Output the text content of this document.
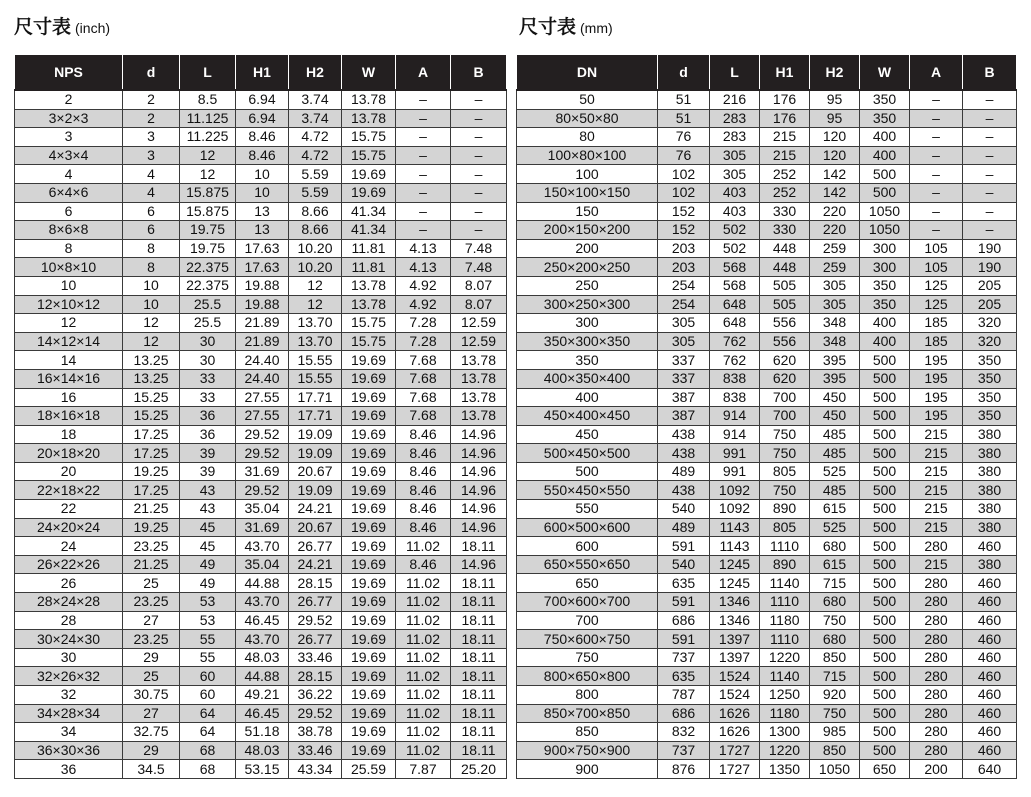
尺寸表 (inch)	尺寸表 (mm)
NPS	d	L	H1	H2	W	A	B
2	2	8.5	6.94	3.74	13.78	–	–
3×2×3	2	11.125	6.94	3.74	13.78	–	–
3	3	11.225	8.46	4.72	15.75	–	–
4×3×4	3	12	8.46	4.72	15.75	–	–
4	4	12	10	5.59	19.69	–	–
6×4×6	4	15.875	10	5.59	19.69	–	–
6	6	15.875	13	8.66	41.34	–	–
8×6×8	6	19.75	13	8.66	41.34	–	–
8	8	19.75	17.63	10.20	11.81	4.13	7.48
10×8×10	8	22.375	17.63	10.20	11.81	4.13	7.48
10	10	22.375	19.88	12	13.78	4.92	8.07
12×10×12	10	25.5	19.88	12	13.78	4.92	8.07
12	12	25.5	21.89	13.70	15.75	7.28	12.59
14×12×14	12	30	21.89	13.70	15.75	7.28	12.59
14	13.25	30	24.40	15.55	19.69	7.68	13.78
16×14×16	13.25	33	24.40	15.55	19.69	7.68	13.78
16	15.25	33	27.55	17.71	19.69	7.68	13.78
18×16×18	15.25	36	27.55	17.71	19.69	7.68	13.78
18	17.25	36	29.52	19.09	19.69	8.46	14.96
20×18×20	17.25	39	29.52	19.09	19.69	8.46	14.96
20	19.25	39	31.69	20.67	19.69	8.46	14.96
22×18×22	17.25	43	29.52	19.09	19.69	8.46	14.96
22	21.25	43	35.04	24.21	19.69	8.46	14.96
24×20×24	19.25	45	31.69	20.67	19.69	8.46	14.96
24	23.25	45	43.70	26.77	19.69	11.02	18.11
26×22×26	21.25	49	35.04	24.21	19.69	8.46	14.96
26	25	49	44.88	28.15	19.69	11.02	18.11
28×24×28	23.25	53	43.70	26.77	19.69	11.02	18.11
28	27	53	46.45	29.52	19.69	11.02	18.11
30×24×30	23.25	55	43.70	26.77	19.69	11.02	18.11
30	29	55	48.03	33.46	19.69	11.02	18.11
32×26×32	25	60	44.88	28.15	19.69	11.02	18.11
32	30.75	60	49.21	36.22	19.69	11.02	18.11
34×28×34	27	64	46.45	29.52	19.69	11.02	18.11
34	32.75	64	51.18	38.78	19.69	11.02	18.11
36×30×36	29	68	48.03	33.46	19.69	11.02	18.11
36	34.5	68	53.15	43.34	25.59	7.87	25.20
DN	d	L	H1	H2	W	A	B
50	51	216	176	95	350	–	–
80×50×80	51	283	176	95	350	–	–
80	76	283	215	120	400	–	–
100×80×100	76	305	215	120	400	–	–
100	102	305	252	142	500	–	–
150×100×150	102	403	252	142	500	–	–
150	152	403	330	220	1050	–	–
200×150×200	152	502	330	220	1050	–	–
200	203	502	448	259	300	105	190
250×200×250	203	568	448	259	300	105	190
250	254	568	505	305	350	125	205
300×250×300	254	648	505	305	350	125	205
300	305	648	556	348	400	185	320
350×300×350	305	762	556	348	400	185	320
350	337	762	620	395	500	195	350
400×350×400	337	838	620	395	500	195	350
400	387	838	700	450	500	195	350
450×400×450	387	914	700	450	500	195	350
450	438	914	750	485	500	215	380
500×450×500	438	991	750	485	500	215	380
500	489	991	805	525	500	215	380
550×450×550	438	1092	750	485	500	215	380
550	540	1092	890	615	500	215	380
600×500×600	489	1143	805	525	500	215	380
600	591	1143	1110	680	500	280	460
650×550×650	540	1245	890	615	500	215	380
650	635	1245	1140	715	500	280	460
700×600×700	591	1346	1110	680	500	280	460
700	686	1346	1180	750	500	280	460
750×600×750	591	1397	1110	680	500	280	460
750	737	1397	1220	850	500	280	460
800×650×800	635	1524	1140	715	500	280	460
800	787	1524	1250	920	500	280	460
850×700×850	686	1626	1180	750	500	280	460
850	832	1626	1300	985	500	280	460
900×750×900	737	1727	1220	850	500	280	460
900	876	1727	1350	1050	650	200	640
